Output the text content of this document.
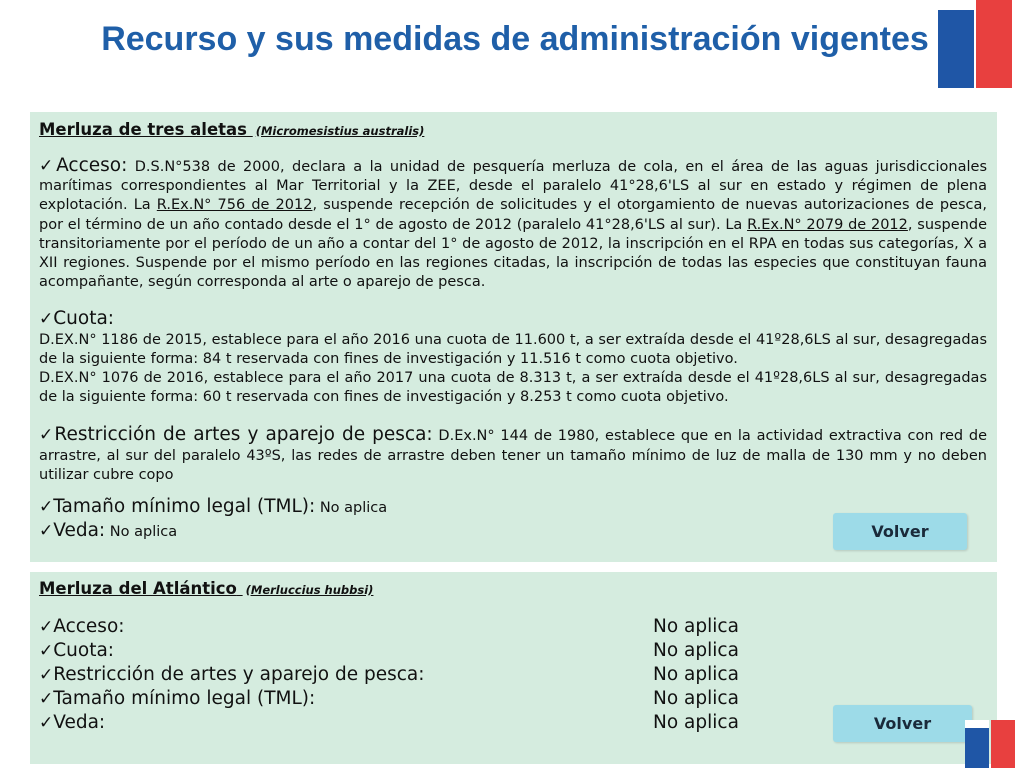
Recurso y sus medidas de administración vigentes
Merluza de tres aletas (Micromesistius australis)
✓Acceso: D.S.N°538 de 2000, declara a la unidad de pesquería merluza de cola, en el área de las aguas jurisdiccionales marítimas correspondientes al Mar Territorial y la ZEE, desde el paralelo 41°28,6'LS al sur en estado y régimen de plena explotación. La R.Ex.N° 756 de 2012, suspende recepción de solicitudes y el otorgamiento de nuevas autorizaciones de pesca, por el término de un año contado desde el 1° de agosto de 2012 (paralelo 41°28,6'LS al sur). La R.Ex.N° 2079 de 2012, suspende transitoriamente por el período de un año a contar del 1° de agosto de 2012, la inscripción en el RPA en todas sus categorías, X a XII regiones. Suspende por el mismo período en las regiones citadas, la inscripción de todas las especies que constituyan fauna acompañante, según corresponda al arte o aparejo de pesca.
✓Cuota:
D.EX.N° 1186 de 2015, establece para el año 2016 una cuota de 11.600 t, a ser extraída desde el 41º28,6LS al sur, desagregadas de la siguiente forma: 84 t reservada con fines de investigación y 11.516 t como cuota objetivo.
D.EX.N° 1076 de 2016, establece para el año 2017 una cuota de 8.313 t, a ser extraída desde el 41º28,6LS al sur, desagregadas de la siguiente forma: 60 t reservada con fines de investigación y 8.253 t como cuota objetivo.
✓Restricción de artes y aparejo de pesca: D.Ex.N° 144 de 1980, establece que en la actividad extractiva con red de arrastre, al sur del paralelo 43ºS, las redes de arrastre deben tener un tamaño mínimo de luz de malla de 130 mm y no deben utilizar cubre copo
✓Tamaño mínimo legal (TML): No aplica
✓Veda: No aplica	Volver
Merluza del Atlántico (Merluccius hubbsi)
✓Acceso:	No aplica
✓Cuota:	No aplica
✓Restricción de artes y aparejo de pesca:	No aplica
✓Tamaño mínimo legal (TML):	No aplica
✓Veda:	No aplica	Volver
